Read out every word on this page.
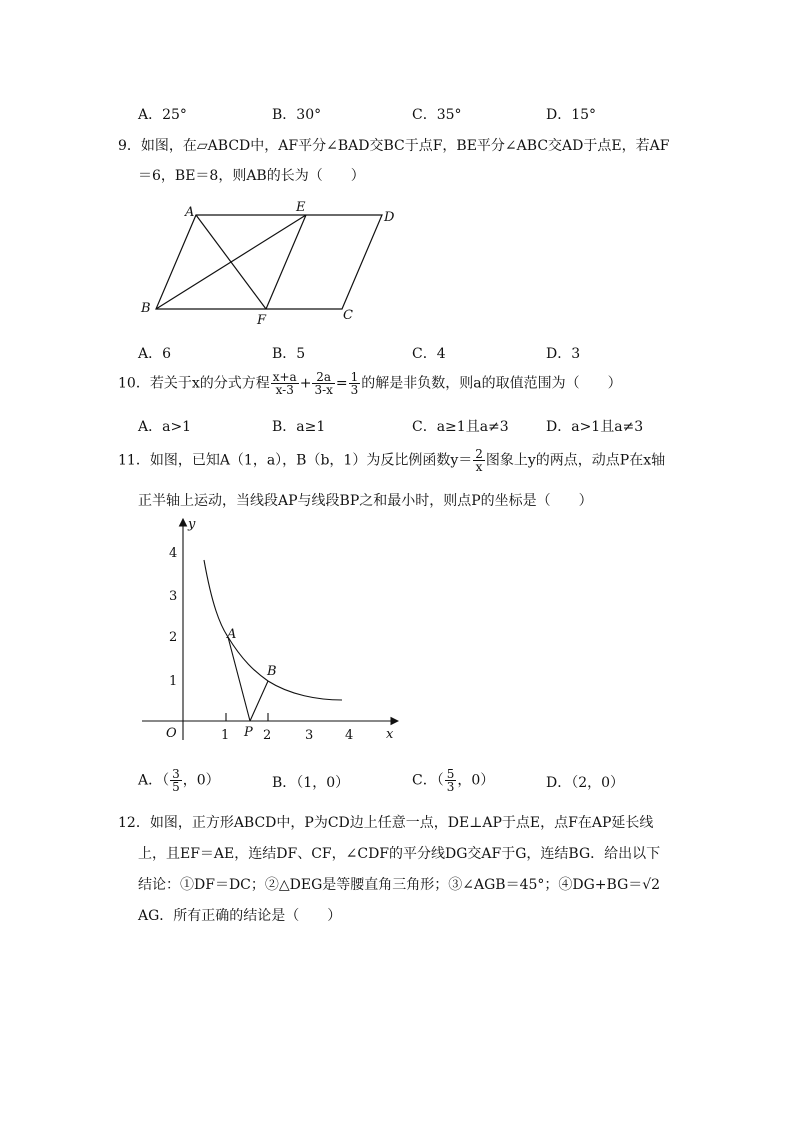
A．25°	B．30°	C．35°	D．15°
9．如图，在▱ABCD中，AF平分∠BAD交BC于点F，BE平分∠ABC交AD于点E，若AF
＝6，BE＝8，则AB的长为（　　）
A	E
D
B
F	C
A．6	B．5	C．4	D．3
10．若关于x的分式方程 $\frac{x+a}{x-3} + \frac{2a}{3-x} = \frac{1}{3}$ 的解是非负数，则a的取值范围为（　　）
A．a>1	B．a≥1	C．a≥1且a≠3	D．a>1且a≠3
11．如图，已知A（1，a），B（b，1）为反比例函数$y= \frac{2}{x}$ 图象上y的两点，动点P在x轴
正半轴上运动，当线段AP与线段BP之和最小时，则点P的坐标是（　　）
y
4
3
2
1
O	1	2	3 4	x
A
B
P
A．（ $\frac{3}{5}$ ，0）	B．（1，0）	C．（ $\frac{5}{3}$ ，0）	D．（2，0）
12．如图，正方形ABCD中，P为CD边上任意一点，DE⊥AP于点E，点F在AP延长线
上，且EF＝AE，连结DF、CF，∠CDF的平分线DG交AF于G，连结BG．给出以下
结论：①DF＝DC；②△DEG是等腰直角三角形；③∠AGB＝45°；④DG+BG＝√2
AG．所有正确的结论是（　　）
